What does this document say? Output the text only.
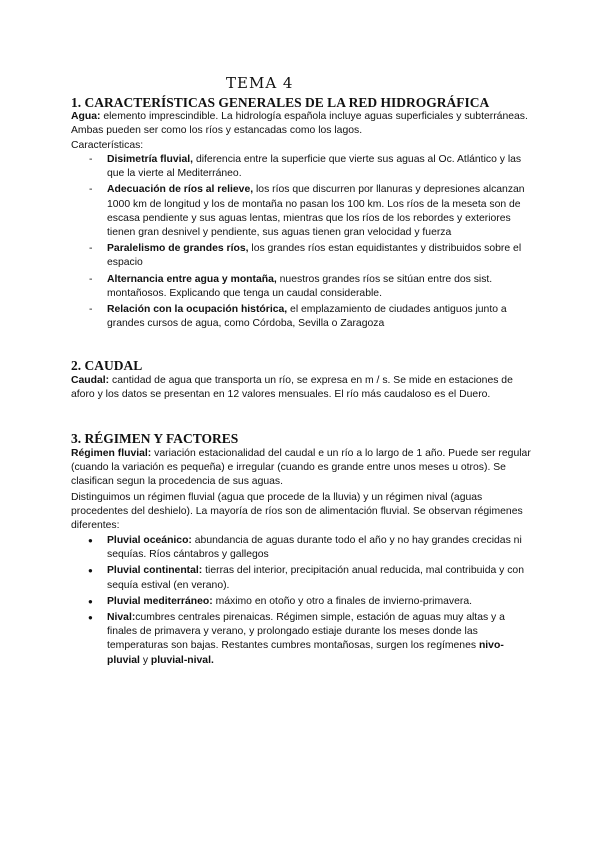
TEMA 4
1. CARACTERÍSTICAS GENERALES DE LA RED HIDROGRÁFICA

Agua: elemento imprescindible. La hidrología española incluye aguas superficiales y subterráneas. Ambas pueden ser como los ríos y estancadas como los lagos.

Características:

- Disimetría fluvial, diferencia entre la superficie que vierte sus aguas al Oc. Atlántico y las que la vierte al Mediterráneo.
- Adecuación de ríos al relieve, los ríos que discurren por llanuras y depresiones alcanzan 1000 km de longitud y los de montaña no pasan los 100 km. Los ríos de la meseta son de escasa pendiente y sus aguas lentas, mientras que los ríos de los rebordes y exteriores tienen gran desnivel y pendiente, sus aguas tienen gran velocidad y fuerza
- Paralelismo de grandes ríos, los grandes ríos estan equidistantes y distribuidos sobre el espacio
- Alternancia entre agua y montaña, nuestros grandes ríos se sitúan entre dos sist. montañosos. Explicando que tenga un caudal considerable.
- Relación con la ocupación histórica, el emplazamiento de ciudades antiguos junto a grandes cursos de agua, como Córdoba, Sevilla o Zaragoza
2. CAUDAL

Caudal: cantidad de agua que transporta un río, se expresa en m / s. Se mide en estaciones de aforo y los datos se presentan en 12 valores mensuales. El río más caudaloso es el Duero.

3. RÉGIMEN Y FACTORES

Régimen fluvial: variación estacionalidad del caudal e un río a lo largo de 1 año. Puede ser regular (cuando la variación es pequeña) e irregular (cuando es grande entre unos meses u otros). Se clasifican segun la procedencia de sus aguas.

Distinguimos un régimen fluvial (agua que procede de la lluvia) y un régimen nival (aguas procedentes del deshielo). La mayoría de ríos son de alimentación fluvial. Se observan régimenes diferentes:

● Pluvial oceánico: abundancia de aguas durante todo el año y no hay grandes crecidas ni sequías. Ríos cántabros y gallegos
● Pluvial continental: tierras del interior, precipitación anual reducida, mal contribuida y con sequía estival (en verano).
● Pluvial mediterráneo: máximo en otoño y otro a finales de invierno-primavera.
● Nival:cumbres centrales pirenaicas. Régimen simple, estación de aguas muy altas y a finales de primavera y verano, y prolongado estiaje durante los meses donde las temperaturas son bajas. Restantes cumbres montañosas, surgen los regímenes nivo-pluvial y pluvial-nival.
